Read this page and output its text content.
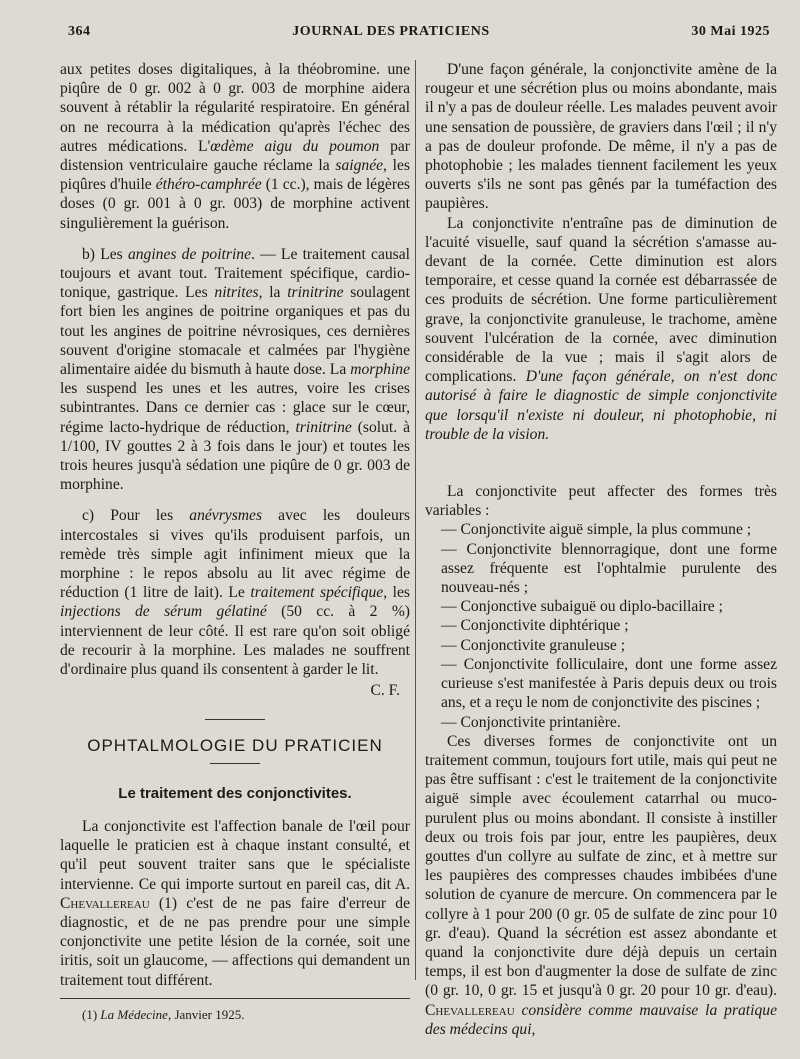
364	JOURNAL DES PRATICIENS	30 Mai 1925

aux petites doses digitaliques, à la théobromine. une piqûre de 0 gr. 002 à 0 gr. 003 de morphine aidera souvent à rétablir la régularité respiratoire. En général on ne recourra à la médication qu'après l'échec des autres médications. L'œdème aigu du poumon par distension ventriculaire gauche réclame la saignée, les piqûres d'huile éthéro-camphrée (1 cc.), mais de légères doses (0 gr. 001 à 0 gr. 003) de morphine activent singulièrement la guérison.

b) Les angines de poitrine. — Le traitement causal toujours et avant tout. Traitement spécifique, cardio-tonique, gastrique. Les nitrites, la trinitrine soulagent fort bien les angines de poitrine organiques et pas du tout les angines de poitrine névrosiques, ces dernières souvent d'origine stomacale et calmées par l'hygiène alimentaire aidée du bismuth à haute dose. La morphine les suspend les unes et les autres, voire les crises subintrantes. Dans ce dernier cas : glace sur le cœur, régime lacto-hydrique de réduction, trinitrine (solut. à 1/100, IV gouttes 2 à 3 fois dans le jour) et toutes les trois heures jusqu'à sédation une piqûre de 0 gr. 003 de morphine.

c) Pour les anévrysmes avec les douleurs intercostales si vives qu'ils produisent parfois, un remède très simple agit infiniment mieux que la morphine : le repos absolu au lit avec régime de réduction (1 litre de lait). Le traitement spécifique, les injections de sérum gélatiné (50 cc. à 2 %) interviennent de leur côté. Il est rare qu'on soit obligé de recourir à la morphine. Les malades ne souffrent d'ordinaire plus quand ils consentent à garder le lit.

C. F.
OPHTALMOLOGIE DU PRATICIEN
Le traitement des conjonctivites.

La conjonctivite est l'affection banale de l'œil pour laquelle le praticien est à chaque instant consulté, et qu'il peut souvent traiter sans que le spécialiste intervienne. Ce qui importe surtout en pareil cas, dit A. Chevallereau (1) c'est de ne pas faire d'erreur de diagnostic, et de ne pas prendre pour une simple conjonctivite une petite lésion de la cornée, soit une iritis, soit un glaucome, — affections qui demandent un traitement tout différent.

(1) La Médecine, Janvier 1925.

D'une façon générale, la conjonctivite amène de la rougeur et une sécrétion plus ou moins abondante, mais il n'y a pas de douleur réelle. Les malades peuvent avoir une sensation de poussière, de graviers dans l'œil ; il n'y a pas de douleur profonde. De même, il n'y a pas de photophobie ; les malades tiennent facilement les yeux ouverts s'ils ne sont pas gênés par la tuméfaction des paupières.

La conjonctivite n'entraîne pas de diminution de l'acuité visuelle, sauf quand la sécrétion s'amasse au-devant de la cornée. Cette diminution est alors temporaire, et cesse quand la cornée est débarrassée de ces produits de sécrétion. Une forme particulièrement grave, la conjonctivite granuleuse, le trachome, amène souvent l'ulcération de la cornée, avec diminution considérable de la vue ; mais il s'agit alors de complications. D'une façon générale, on n'est donc autorisé à faire le diagnostic de simple conjonctivite que lorsqu'il n'existe ni douleur, ni photophobie, ni trouble de la vision.

La conjonctivite peut affecter des formes très variables :

— Conjonctivite aiguë simple, la plus commune ;

— Conjonctivite blennorragique, dont une forme assez fréquente est l'ophtalmie purulente des nouveau-nés ;

— Conjonctive subaiguë ou diplo-bacillaire ;

— Conjonctivite diphtérique ;

— Conjonctivite granuleuse ;

— Conjonctivite folliculaire, dont une forme assez curieuse s'est manifestée à Paris depuis deux ou trois ans, et a reçu le nom de conjonctivite des piscines ;

— Conjonctivite printanière.

Ces diverses formes de conjonctivite ont un traitement commun, toujours fort utile, mais qui peut ne pas être suffisant : c'est le traitement de la conjonctivite aiguë simple avec écoulement catarrhal ou muco-purulent plus ou moins abondant. Il consiste à instiller deux ou trois fois par jour, entre les paupières, deux gouttes d'un collyre au sulfate de zinc, et à mettre sur les paupières des compresses chaudes imbibées d'une solution de cyanure de mercure. On commencera par le collyre à 1 pour 200 (0 gr. 05 de sulfate de zinc pour 10 gr. d'eau). Quand la sécrétion est assez abondante et quand la conjonctivite dure déjà depuis un certain temps, il est bon d'augmenter la dose de sulfate de zinc (0 gr. 10, 0 gr. 15 et jusqu'à 0 gr. 20 pour 10 gr. d'eau). Chevallereau considère comme mauvaise la pratique des médecins qui,
